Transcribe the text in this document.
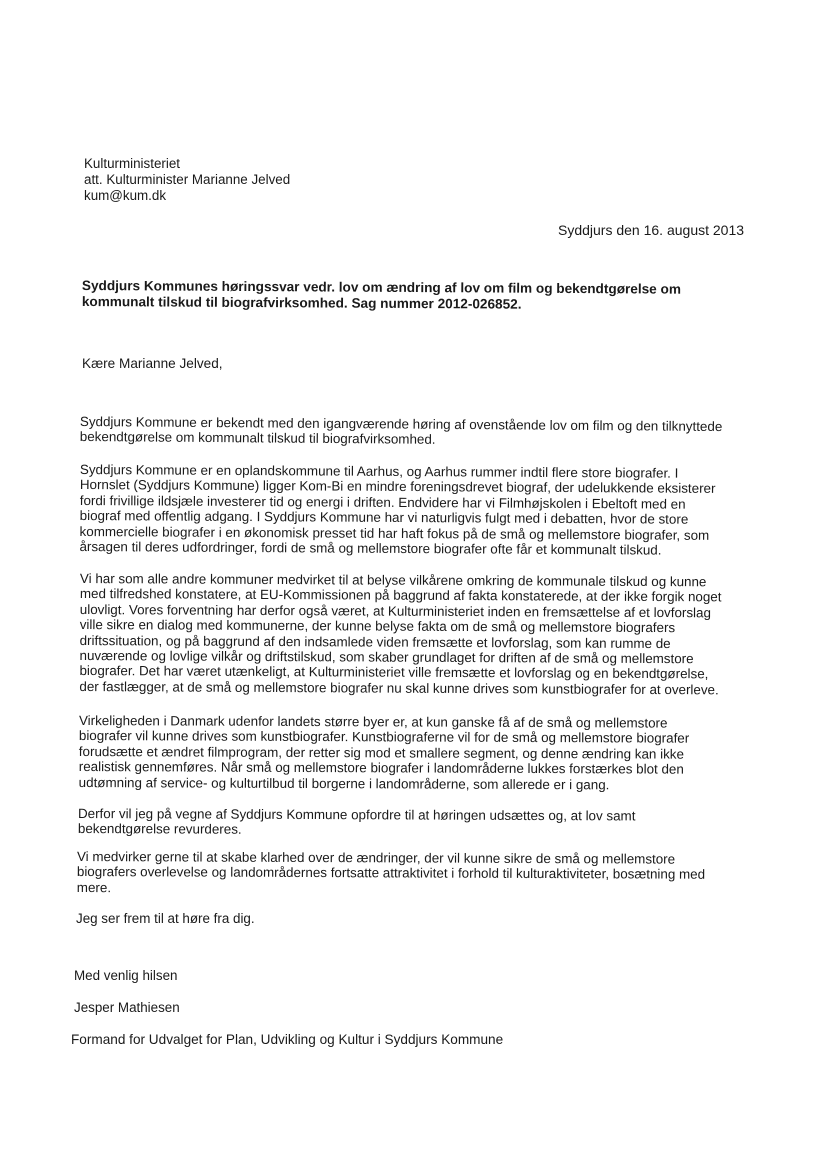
Kulturministeriet
att. Kulturminister Marianne Jelved
kum@kum.dk
Syddjurs den 16. august 2013
Syddjurs Kommunes høringssvar vedr. lov om ændring af lov om film og bekendtgørelse om
kommunalt tilskud til biografvirksomhed. Sag nummer 2012-026852.
Kære Marianne Jelved,
Syddjurs Kommune er bekendt med den igangværende høring af ovenstående lov om film og den tilknyttede
bekendtgørelse om kommunalt tilskud til biografvirksomhed.
Syddjurs Kommune er en oplandskommune til Aarhus, og Aarhus rummer indtil flere store biografer. I
Hornslet (Syddjurs Kommune) ligger Kom-Bi en mindre foreningsdrevet biograf, der udelukkende eksisterer
fordi frivillige ildsjæle investerer tid og energi i driften. Endvidere har vi Filmhøjskolen i Ebeltoft med en
biograf med offentlig adgang. I Syddjurs Kommune har vi naturligvis fulgt med i debatten, hvor de store
kommercielle biografer i en økonomisk presset tid har haft fokus på de små og mellemstore biografer, som
årsagen til deres udfordringer, fordi de små og mellemstore biografer ofte får et kommunalt tilskud.
Vi har som alle andre kommuner medvirket til at belyse vilkårene omkring de kommunale tilskud og kunne
med tilfredshed konstatere, at EU-Kommissionen på baggrund af fakta konstaterede, at der ikke forgik noget
ulovligt. Vores forventning har derfor også været, at Kulturministeriet inden en fremsættelse af et lovforslag
ville sikre en dialog med kommunerne, der kunne belyse fakta om de små og mellemstore biografers
driftssituation, og på baggrund af den indsamlede viden fremsætte et lovforslag, som kan rumme de
nuværende og lovlige vilkår og driftstilskud, som skaber grundlaget for driften af de små og mellemstore
biografer. Det har været utænkeligt, at Kulturministeriet ville fremsætte et lovforslag og en bekendtgørelse,
der fastlægger, at de små og mellemstore biografer nu skal kunne drives som kunstbiografer for at overleve.
Virkeligheden i Danmark udenfor landets større byer er, at kun ganske få af de små og mellemstore
biografer vil kunne drives som kunstbiografer. Kunstbiograferne vil for de små og mellemstore biografer
forudsætte et ændret filmprogram, der retter sig mod et smallere segment, og denne ændring kan ikke
realistisk gennemføres. Når små og mellemstore biografer i landområderne lukkes forstærkes blot den
udtømning af service- og kulturtilbud til borgerne i landområderne, som allerede er i gang.
Derfor vil jeg på vegne af Syddjurs Kommune opfordre til at høringen udsættes og, at lov samt
bekendtgørelse revurderes.
Vi medvirker gerne til at skabe klarhed over de ændringer, der vil kunne sikre de små og mellemstore
biografers overlevelse og landområdernes fortsatte attraktivitet i forhold til kulturaktiviteter, bosætning med
mere.
Jeg ser frem til at høre fra dig.
Med venlig hilsen
Jesper Mathiesen
Formand for Udvalget for Plan, Udvikling og Kultur i Syddjurs Kommune
